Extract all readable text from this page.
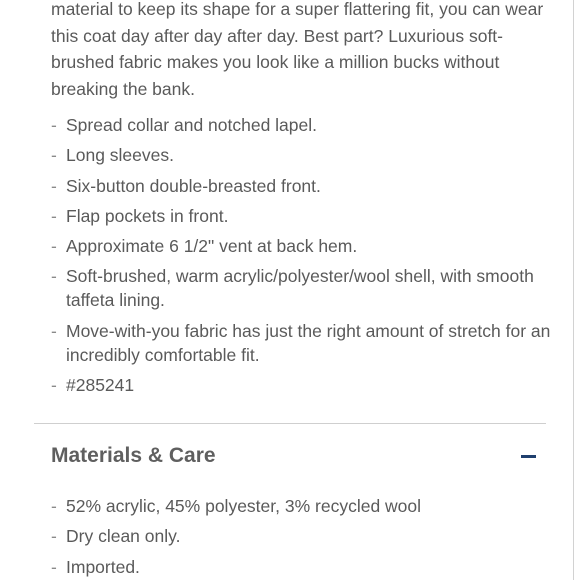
material to keep its shape for a super flattering fit, you can wear this coat day after day after day. Best part? Luxurious soft-brushed fabric makes you look like a million bucks without breaking the bank.

- Spread collar and notched lapel.
- Long sleeves.
- Six-button double-breasted front.
- Flap pockets in front.
- Approximate 6 1/2" vent at back hem.
- Soft-brushed, warm acrylic/polyester/wool shell, with smooth taffeta lining.
- Move-with-you fabric has just the right amount of stretch for an incredibly comfortable fit.
- #285241
Materials & Care
- 52% acrylic, 45% polyester, 3% recycled wool
- Dry clean only.
- Imported.
